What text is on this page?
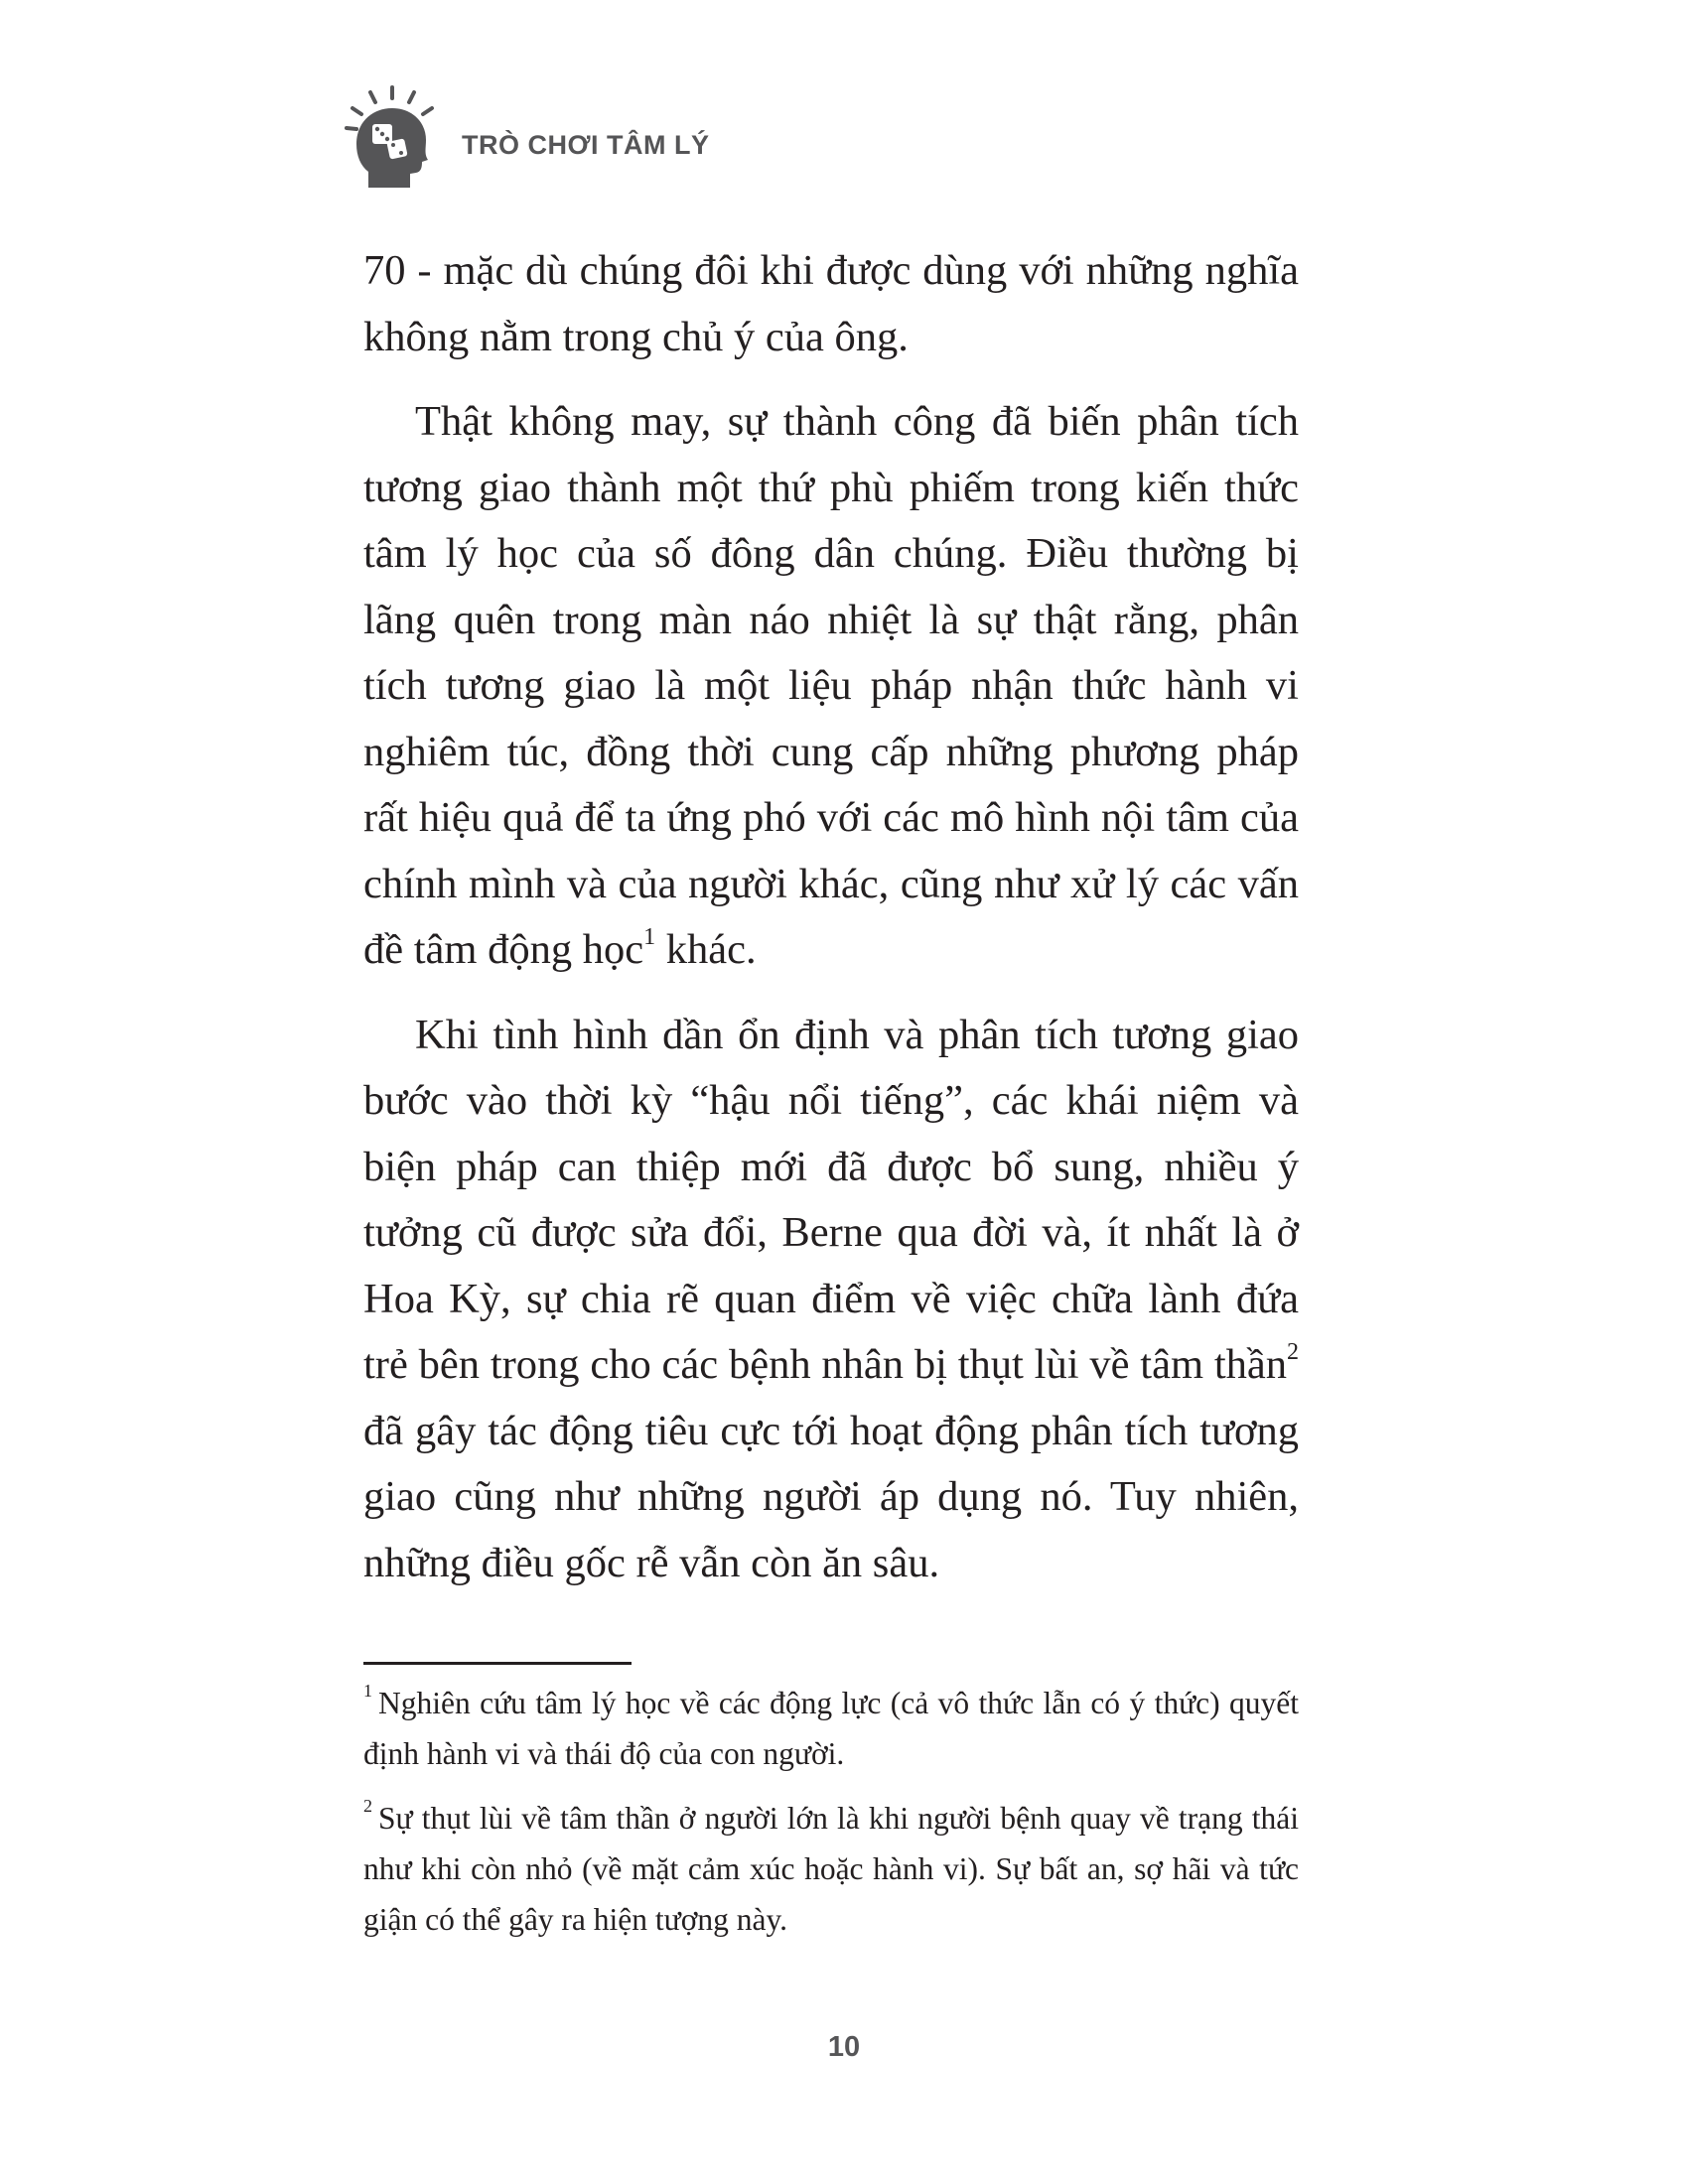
TRÒ CHƠI TÂM LÝ

70 - mặc dù chúng đôi khi được dùng với những nghĩa không nằm trong chủ ý của ông.

Thật không may, sự thành công đã biến phân tích tương giao thành một thứ phù phiếm trong kiến thức tâm lý học của số đông dân chúng. Điều thường bị lãng quên trong màn náo nhiệt là sự thật rằng, phân tích tương giao là một liệu pháp nhận thức hành vi nghiêm túc, đồng thời cung cấp những phương pháp rất hiệu quả để ta ứng phó với các mô hình nội tâm của chính mình và của người khác, cũng như xử lý các vấn đề tâm động học$^1$ khác.

Khi tình hình dần ổn định và phân tích tương giao bước vào thời kỳ “hậu nổi tiếng”, các khái niệm và biện pháp can thiệp mới đã được bổ sung, nhiều ý tưởng cũ được sửa đổi, Berne qua đời và, ít nhất là ở Hoa Kỳ, sự chia rẽ quan điểm về việc chữa lành đứa trẻ bên trong cho các bệnh nhân bị thụt lùi về tâm thần$^2$ đã gây tác động tiêu cực tới hoạt động phân tích tương giao cũng như những người áp dụng nó. Tuy nhiên, những điều gốc rễ vẫn còn ăn sâu.

$^1$ Nghiên cứu tâm lý học về các động lực (cả vô thức lẫn có ý thức) quyết định hành vi và thái độ của con người.

$^2$ Sự thụt lùi về tâm thần ở người lớn là khi người bệnh quay về trạng thái như khi còn nhỏ (về mặt cảm xúc hoặc hành vi). Sự bất an, sợ hãi và tức giận có thể gây ra hiện tượng này.

10
